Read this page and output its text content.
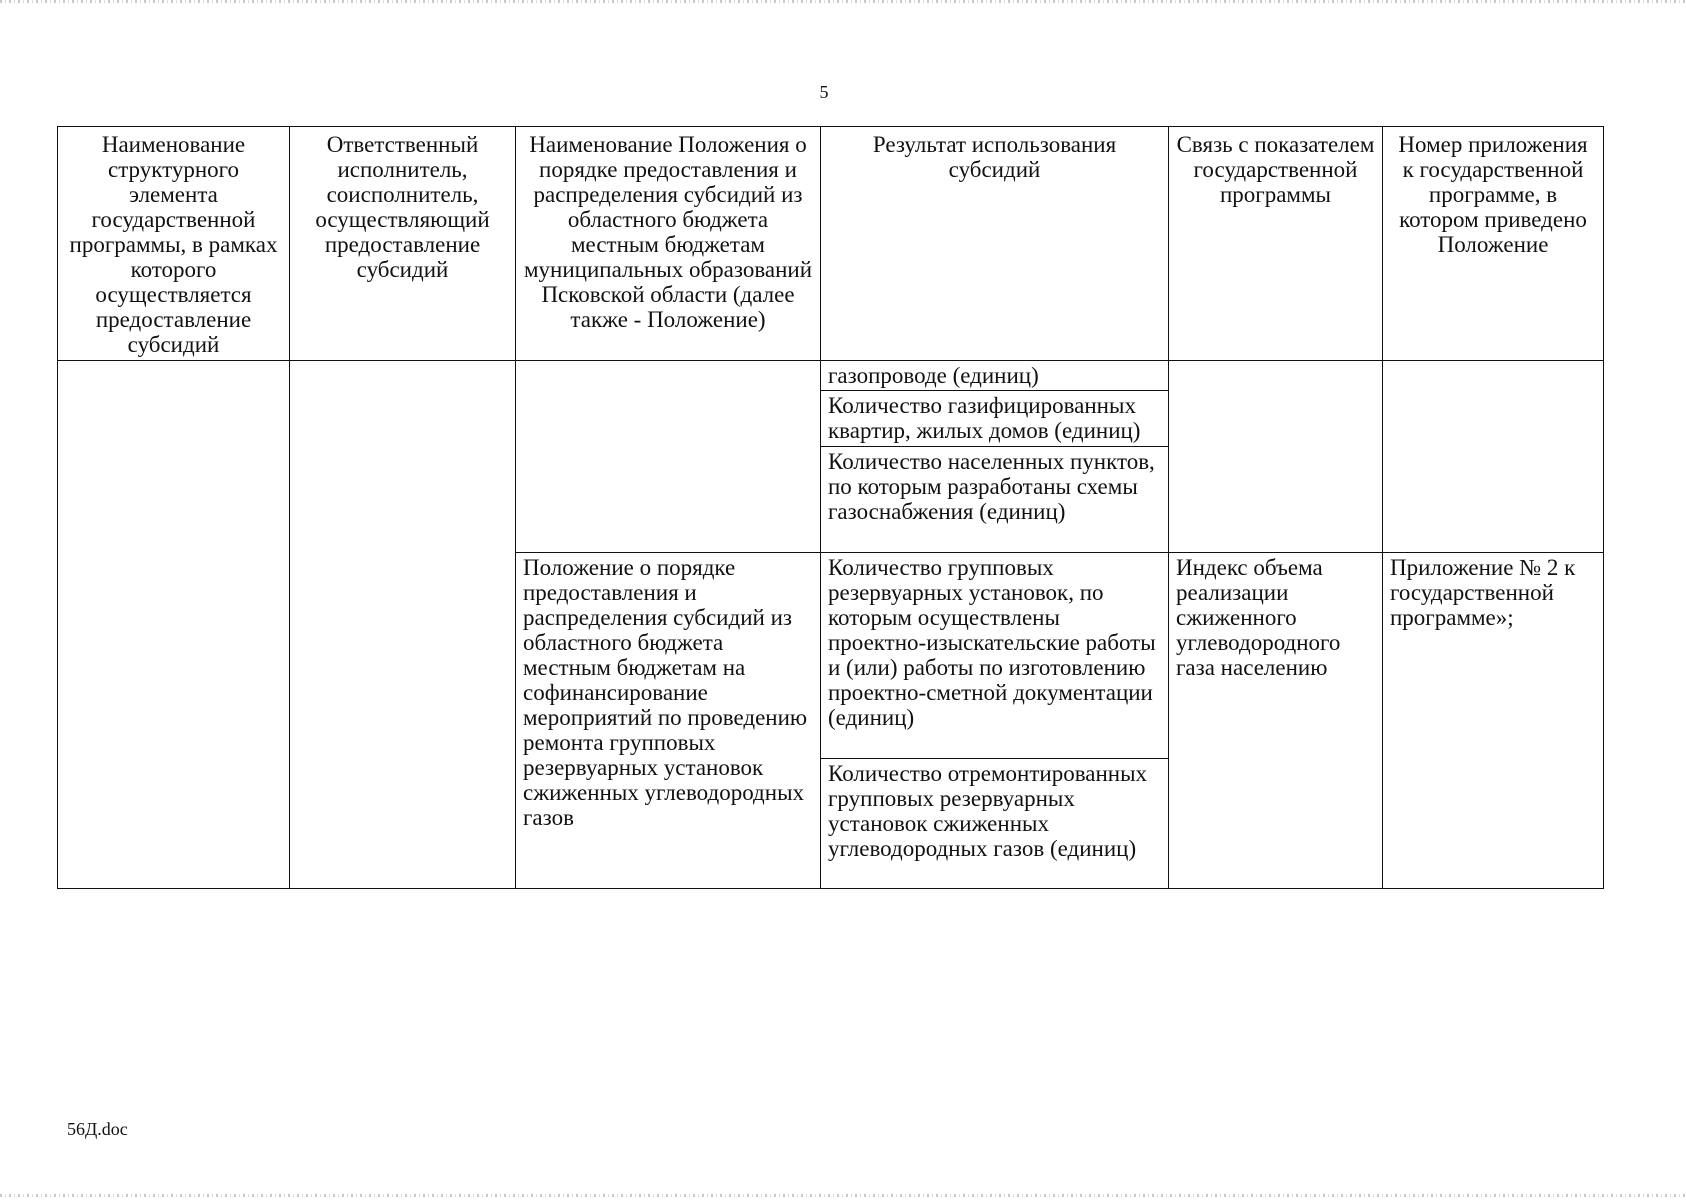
5
Наименование структурного элемента государственной программы, в рамках которого осуществляется предоставление субсидий	Ответственный исполнитель, соисполнитель, осуществляющий предоставление субсидий	Наименование Положения о порядке предоставления и распределения субсидий из областного бюджета местным бюджетам муниципальных образований Псковской области (далее также - Положение)	Результат использования субсидий	Связь с показателем государственной программы	Номер приложения к государственной программе, в котором приведено Положение
			газопроводе (единиц)		
			Количество газифицированных квартир, жилых домов (единиц)		
			Количество населенных пунктов, по которым разработаны схемы газоснабжения (единиц)		
		Положение о порядке предоставления и распределения субсидий из областного бюджета местным бюджетам на софинансирование мероприятий по проведению ремонта групповых резервуарных установок сжиженных углеводородных газов	Количество групповых резервуарных установок, по которым осуществлены проектно-изыскательские работы и (или) работы по изготовлению проектно-сметной документации (единиц)	Индекс объема реализации сжиженного углеводородного газа населению	Приложение № 2 к государственной программе»;
			Количество отремонтированных групповых резервуарных установок сжиженных углеводородных газов (единиц)		
56Д.doc
